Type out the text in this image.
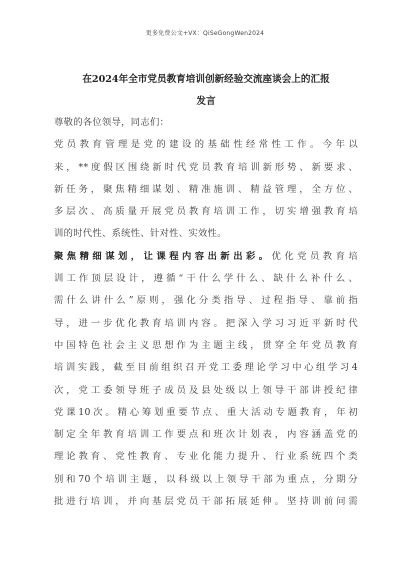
更多免费公文+VX：QiSeGongWen2024
在2024年全市党员教育培训创新经验交流座谈会上的汇报
发言
尊敬的各位领导，同志们：
党员教育管理是党的建设的基础性经常性工作。今年以
来，**度假区围绕新时代党员教育培训新形势、新要求、
新任务，聚焦精细谋划、精准施训、精益管理，全方位、
多层次、高质量开展党员教育培训工作，切实增强教育培
训的时代性、系统性、针对性、实效性。
聚焦精细谋划，让课程内容出新出彩。优化党员教育培
训工作顶层设计，遵循“干什么学什么、缺什么补什么、
需什么讲什么”原则，强化分类指导、过程指导、靠前指
导，进一步优化教育培训内容。把深入学习习近平新时代
中国特色社会主义思想作为主题主线，贯穿全年党员教育
培训实践，截至目前组织召开党工委理论学习中心组学习4
次，党工委领导班子成员及县处级以上领导干部讲授纪律
党课10次。精心筹划重要节点、重大活动专题教育，年初
制定全年教育培训工作要点和班次计划表，内容涵盖党的
理论教育、党性教育、专业化能力提升、行业系统四个类
别和70个培训主题，以科级以上领导干部为重点，分期分
批进行培训，并向基层党员干部拓展延伸。坚持训前问需
